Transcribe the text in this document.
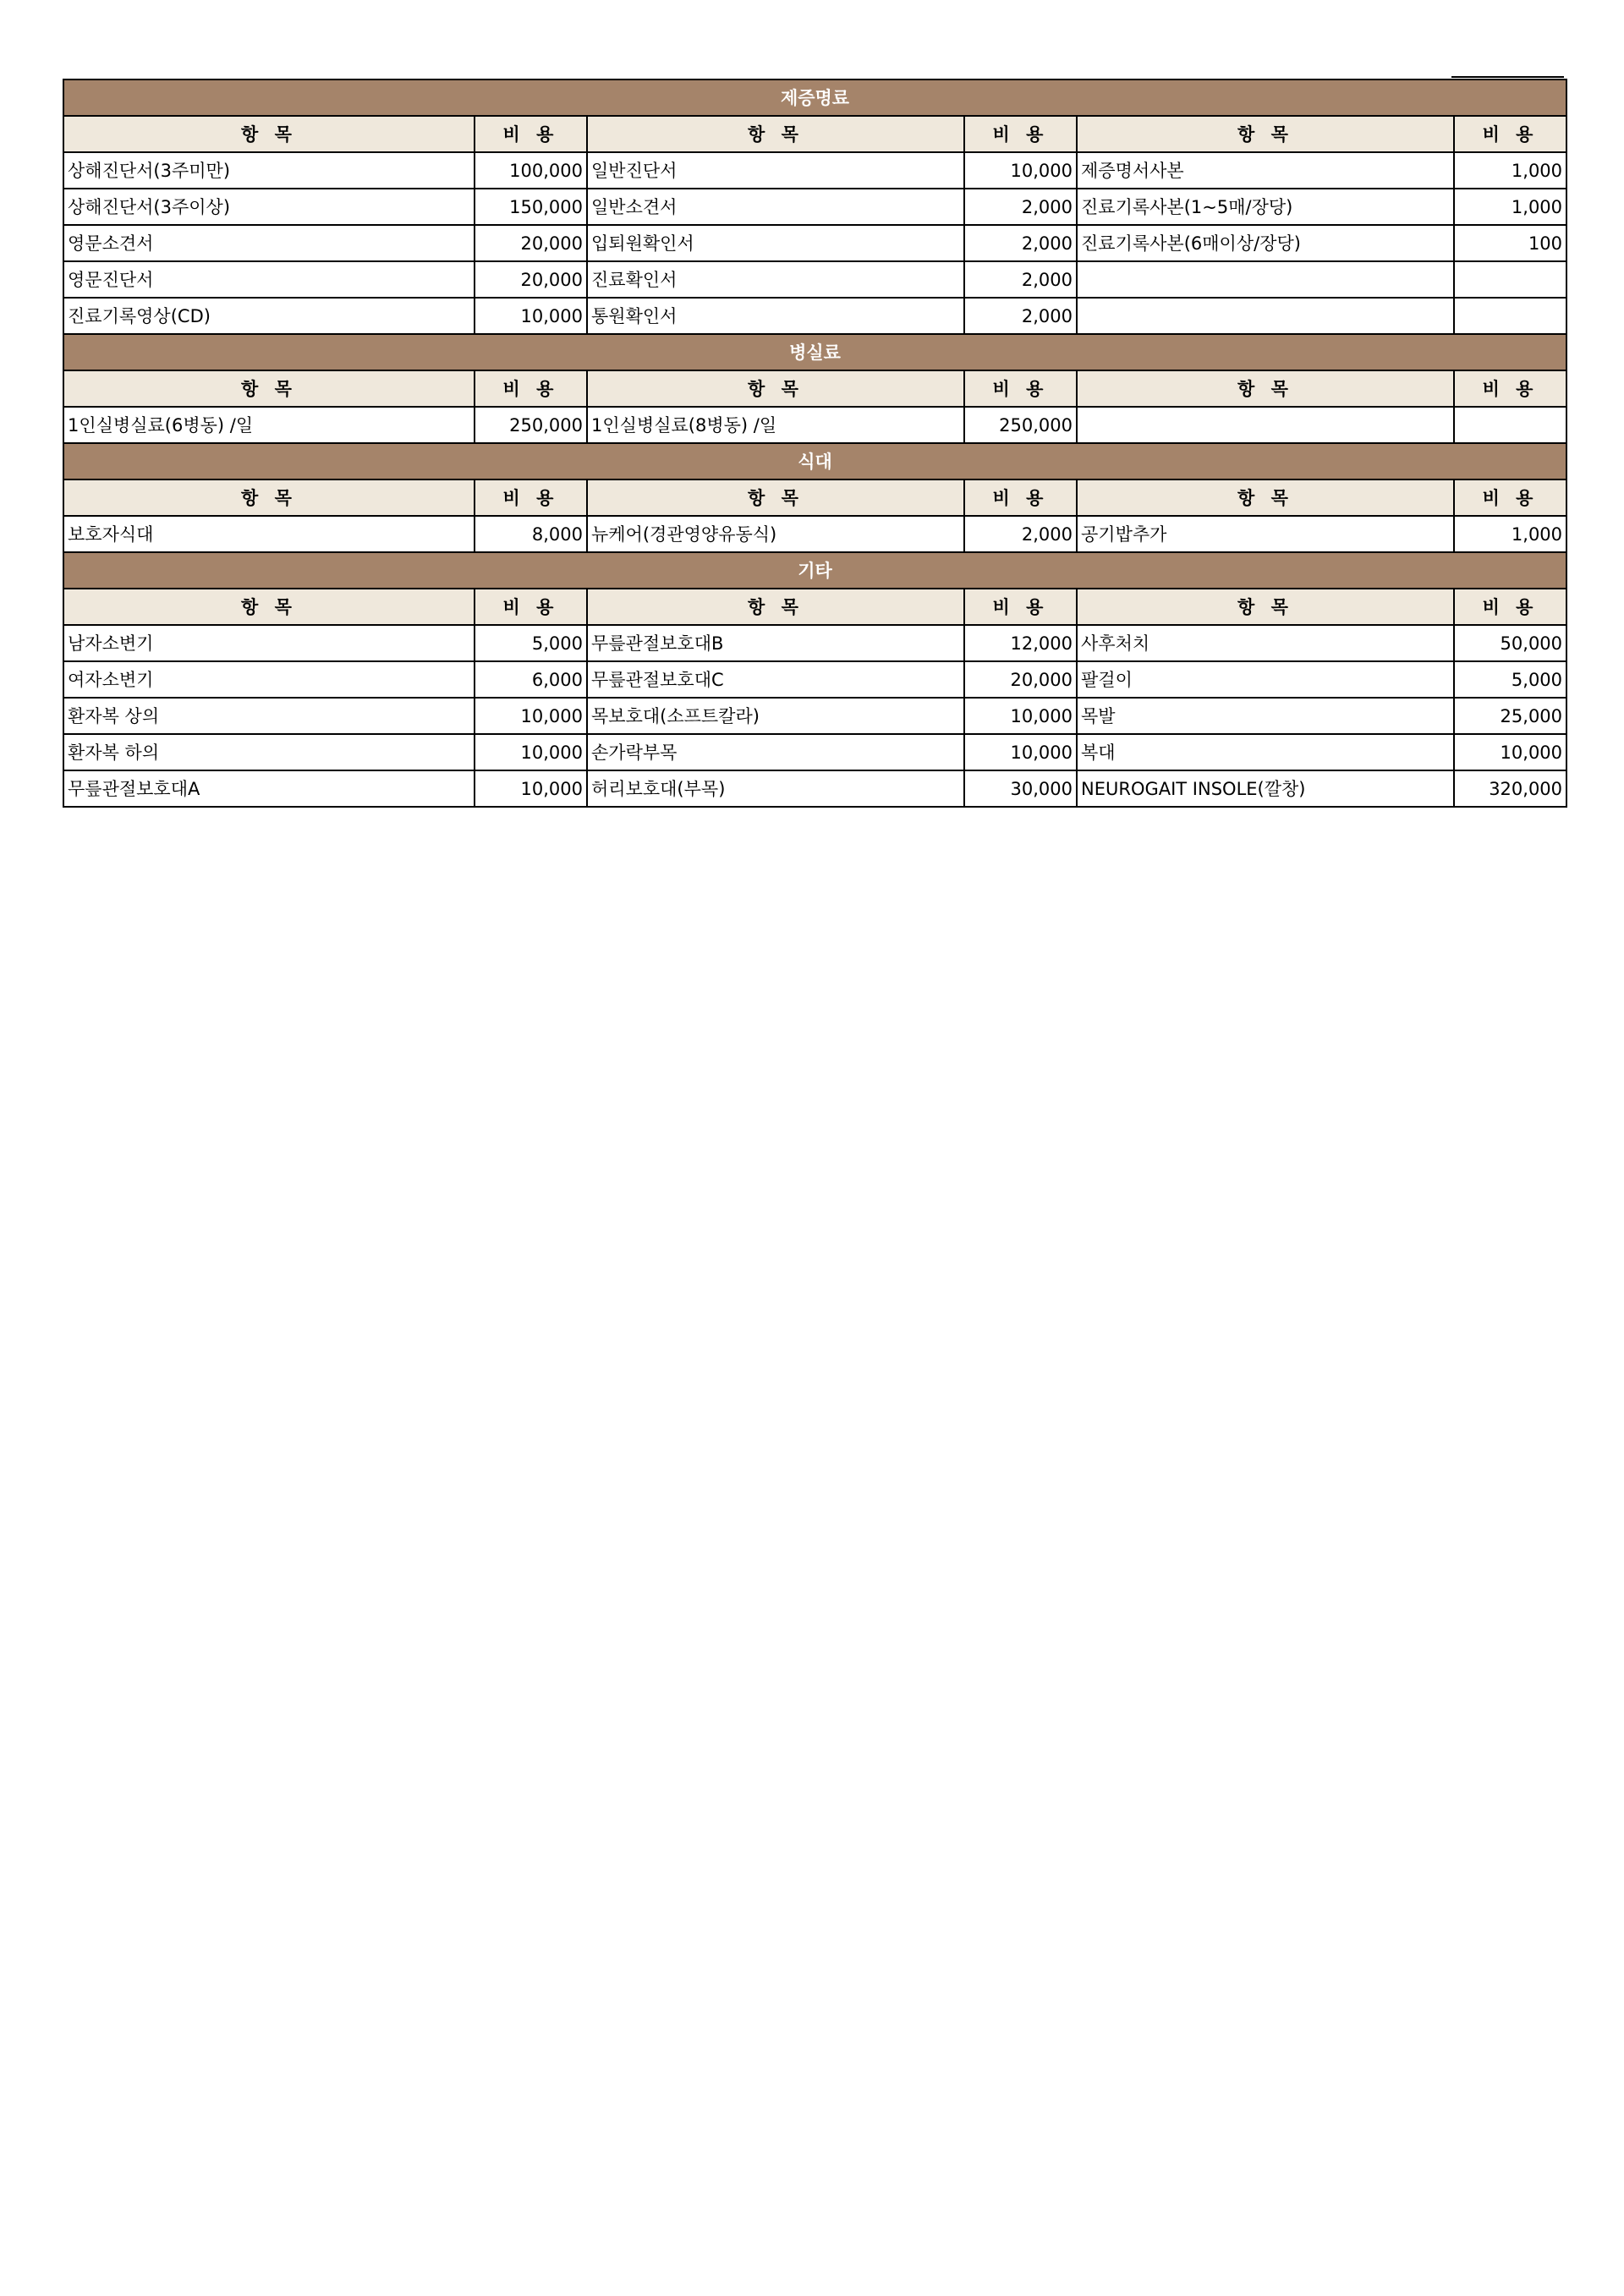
제증명료					
항 목	비 용	항 목	비 용	항 목	비 용
상해진단서(3주미만)	100,000	일반진단서	10,000	제증명서사본	1,000
상해진단서(3주이상)	150,000	일반소견서	2,000	진료기록사본(1~5매/장당)	1,000
영문소견서	20,000	입퇴원확인서	2,000	진료기록사본(6매이상/장당)	100
영문진단서	20,000	진료확인서	2,000		
진료기록영상(CD)	10,000	통원확인서	2,000		
병실료					
항 목	비 용	항 목	비 용	항 목	비 용
1인실병실료(6병동) /일	250,000	1인실병실료(8병동) /일	250,000		
식대					
항 목	비 용	항 목	비 용	항 목	비 용
보호자식대	8,000	뉴케어(경관영양유동식)	2,000	공기밥추가	1,000
기타					
항 목	비 용	항 목	비 용	항 목	비 용
남자소변기	5,000	무릎관절보호대B	12,000	사후처치	50,000
여자소변기	6,000	무릎관절보호대C	20,000	팔걸이	5,000
환자복 상의	10,000	목보호대(소프트칼라)	10,000	목발	25,000
환자복 하의	10,000	손가락부목	10,000	복대	10,000
무릎관절보호대A	10,000	허리보호대(부목)	30,000	NEUROGAIT INSOLE(깔창)	320,000
